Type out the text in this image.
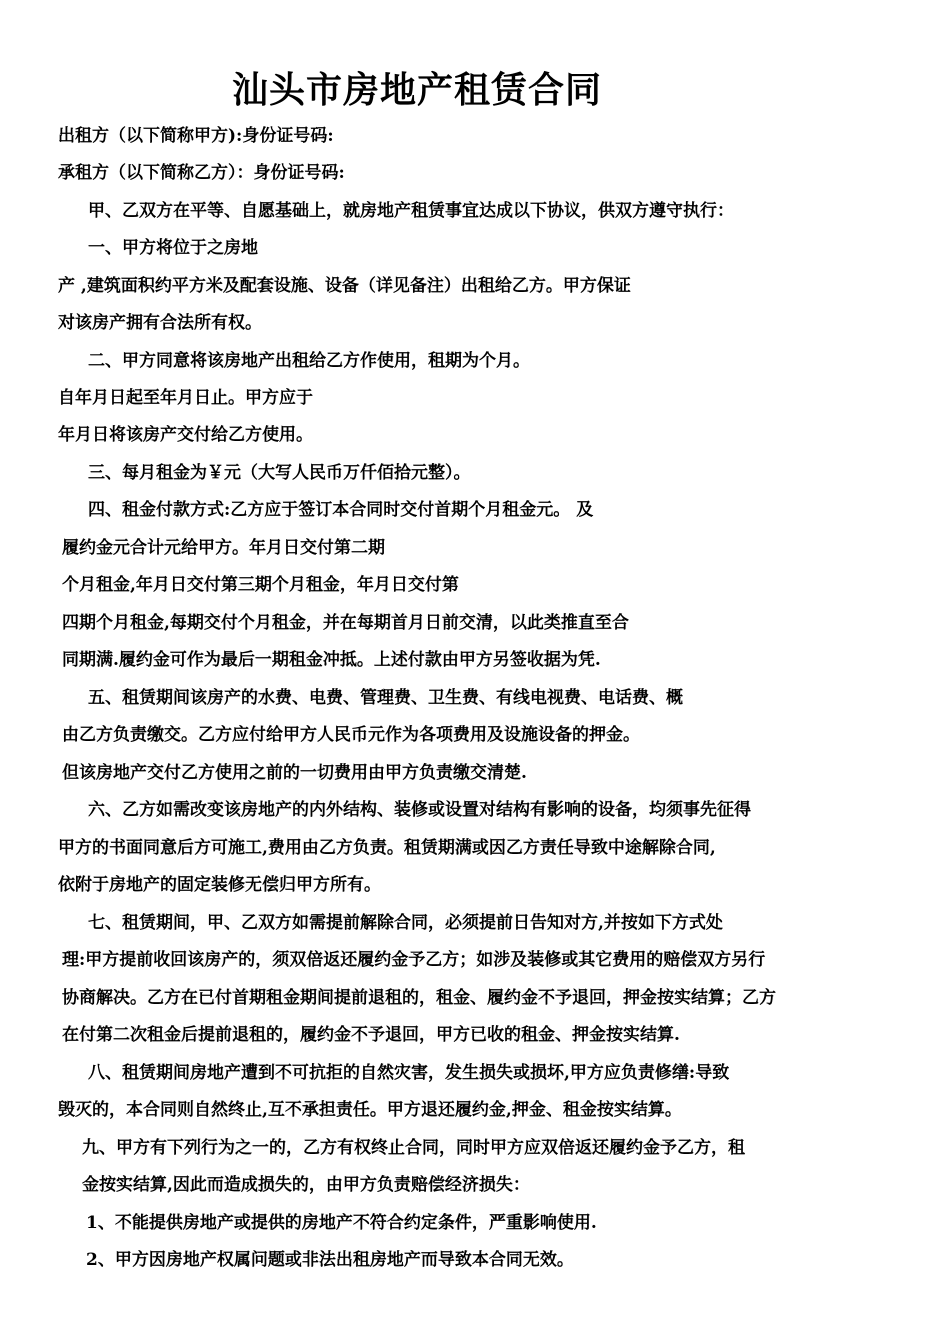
汕头市房地产租赁合同
出租方（以下简称甲方):身份证号码:
承租方（以下简称乙方）：身份证号码:
甲、乙双方在平等、自愿基础上，就房地产租赁事宜达成以下协议，供双方遵守执行：
一、甲方将位于之房地
产 ,建筑面积约平方米及配套设施、设备（详见备注）出租给乙方。甲方保证
对该房产拥有合法所有权。
二、甲方同意将该房地产出租给乙方作使用，租期为个月。
自年月日起至年月日止。甲方应于
年月日将该房产交付给乙方使用。
三、每月租金为￥元（大写人民币万仟佰拾元整）。
四、租金付款方式:乙方应于签订本合同时交付首期个月租金元。 及
履约金元合计元给甲方。年月日交付第二期
个月租金,年月日交付第三期个月租金，年月日交付第
四期个月租金,每期交付个月租金，并在每期首月日前交清，以此类推直至合
同期满.履约金可作为最后一期租金冲抵。上述付款由甲方另签收据为凭.
五、租赁期间该房产的水费、电费、管理费、卫生费、有线电视费、电话费、概
由乙方负责缴交。乙方应付给甲方人民币元作为各项费用及设施设备的押金。
但该房地产交付乙方使用之前的一切费用由甲方负责缴交清楚.
六、乙方如需改变该房地产的内外结构、装修或设置对结构有影响的设备，均须事先征得
甲方的书面同意后方可施工,费用由乙方负责。租赁期满或因乙方责任导致中途解除合同,
依附于房地产的固定装修无偿归甲方所有。
七、租赁期间，甲、乙双方如需提前解除合同，必须提前日告知对方,并按如下方式处
理:甲方提前收回该房产的，须双倍返还履约金予乙方；如涉及装修或其它费用的赔偿双方另行
协商解决。乙方在已付首期租金期间提前退租的，租金、履约金不予退回，押金按实结算；乙方
在付第二次租金后提前退租的，履约金不予退回，甲方已收的租金、押金按实结算.
八、租赁期间房地产遭到不可抗拒的自然灾害，发生损失或损坏,甲方应负责修缮:导致
毁灭的，本合同则自然终止,互不承担责任。甲方退还履约金,押金、租金按实结算。
九、甲方有下列行为之一的，乙方有权终止合同，同时甲方应双倍返还履约金予乙方，租
金按实结算,因此而造成损失的，由甲方负责赔偿经济损失：
1、不能提供房地产或提供的房地产不符合约定条件，严重影响使用.
2、甲方因房地产权属问题或非法出租房地产而导致本合同无效。
